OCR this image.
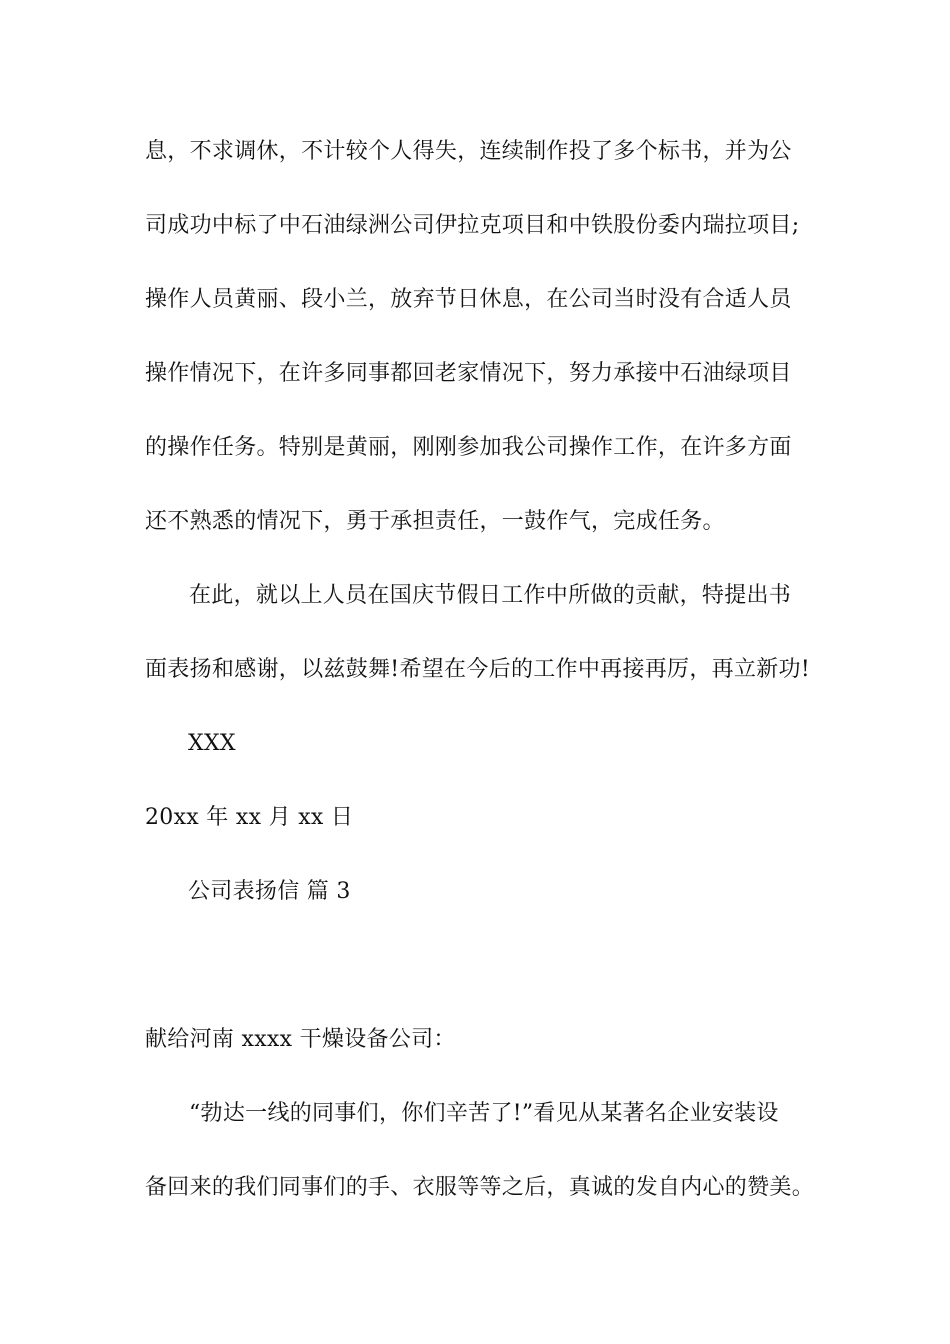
息，不求调休，不计较个人得失，连续制作投了多个标书，并为公
司成功中标了中石油绿洲公司伊拉克项目和中铁股份委内瑞拉项目;
操作人员黄丽、段小兰，放弃节日休息，在公司当时没有合适人员
操作情况下，在许多同事都回老家情况下，努力承接中石油绿项目
的操作任务。特别是黄丽，刚刚参加我公司操作工作，在许多方面
还不熟悉的情况下，勇于承担责任，一鼓作气，完成任务。
在此，就以上人员在国庆节假日工作中所做的贡献，特提出书
面表扬和感谢，以兹鼓舞!希望在今后的工作中再接再厉，再立新功!
XXX
20xx 年 xx 月 xx 日
公司表扬信 篇 3
献给河南 xxxx 干燥设备公司：
“勃达一线的同事们，你们辛苦了!”看见从某著名企业安装设
备回来的我们同事们的手、衣服等等之后，真诚的发自内心的赞美。
